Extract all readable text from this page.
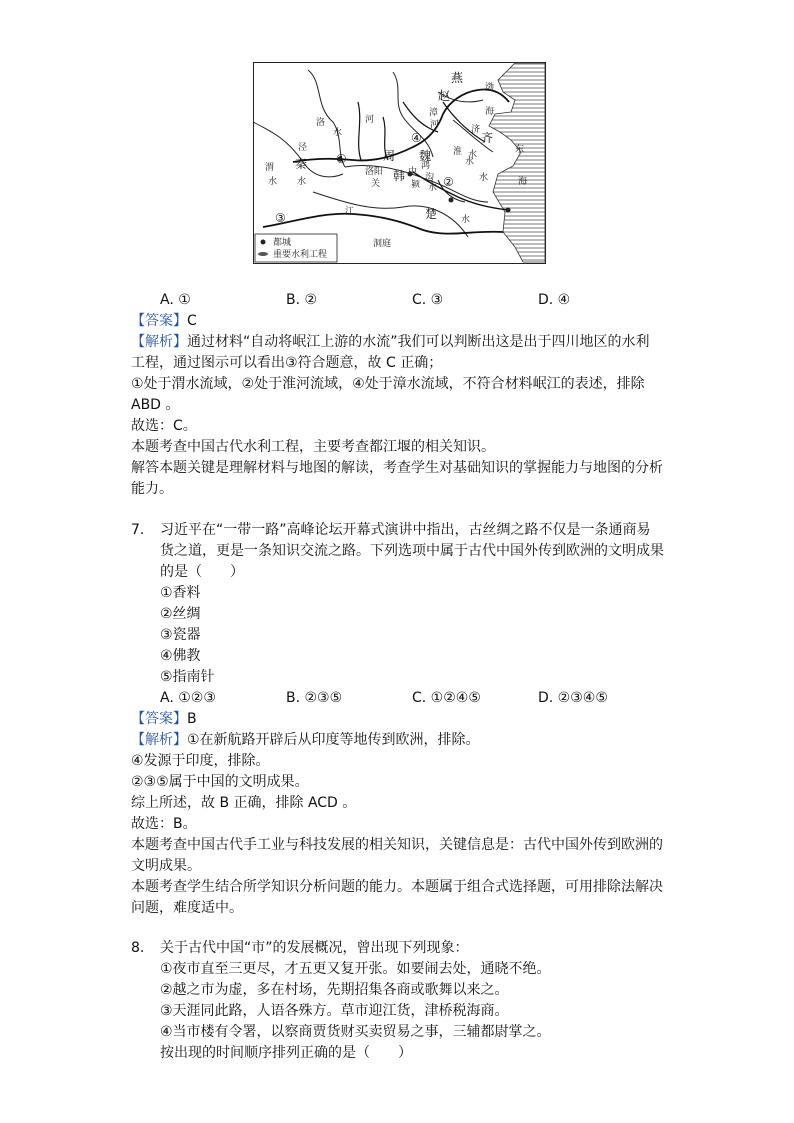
燕
赵
渤
海
齐
济
东
水
海
洛
水
河
漳
河
泾
秦
渭
水
周 魏
洛阳 韩
关
中
鸿
颍
沟
水
水
水
水
楚
江
洞庭
淮
水
①
②
③
④
都城
重要水利工程
A. ①	B. ②	C. ③	D. ④
【答案】C
【解析】通过材料“自动将岷江上游的水流”我们可以判断出这是出于四川地区的水利
工程，通过图示可以看出③符合题意，故 C 正确；
①处于渭水流域，②处于淮河流域，④处于漳水流域，不符合材料岷江的表述，排除
ABD 。
故选：C。
本题考查中国古代水利工程，主要考查都江堰的相关知识。
解答本题关键是理解材料与地图的解读，考查学生对基础知识的掌握能力与地图的分析
能力。
7. 习近平在“一带一路”高峰论坛开幕式演讲中指出，古丝绸之路不仅是一条通商易
货之道，更是一条知识交流之路。下列选项中属于古代中国外传到欧洲的文明成果
的是（　　）
①香料
②丝绸
③瓷器
④佛教
⑤指南针
A. ①②③	B. ②③⑤	C. ①②④⑤	D. ②③④⑤
【答案】B
【解析】①在新航路开辟后从印度等地传到欧洲，排除。
④发源于印度，排除。
②③⑤属于中国的文明成果。
综上所述，故 B 正确，排除 ACD 。
故选：B。
本题考查中国古代手工业与科技发展的相关知识，关键信息是：古代中国外传到欧洲的
文明成果。
本题考查学生结合所学知识分析问题的能力。本题属于组合式选择题，可用排除法解决
问题，难度适中。
8. 关于古代中国“市”的发展概况，曾出现下列现象：
①夜市直至三更尽，才五更又复开张。如要闹去处，通晓不绝。
②越之市为虚，多在村场，先期招集各商或歌舞以来之。
③天涯同此路，人语各殊方。草市迎江货，津桥税海商。
④当市楼有令署，以察商贾货财买卖贸易之事，三辅都尉掌之。
按出现的时间顺序排列正确的是（　　）
